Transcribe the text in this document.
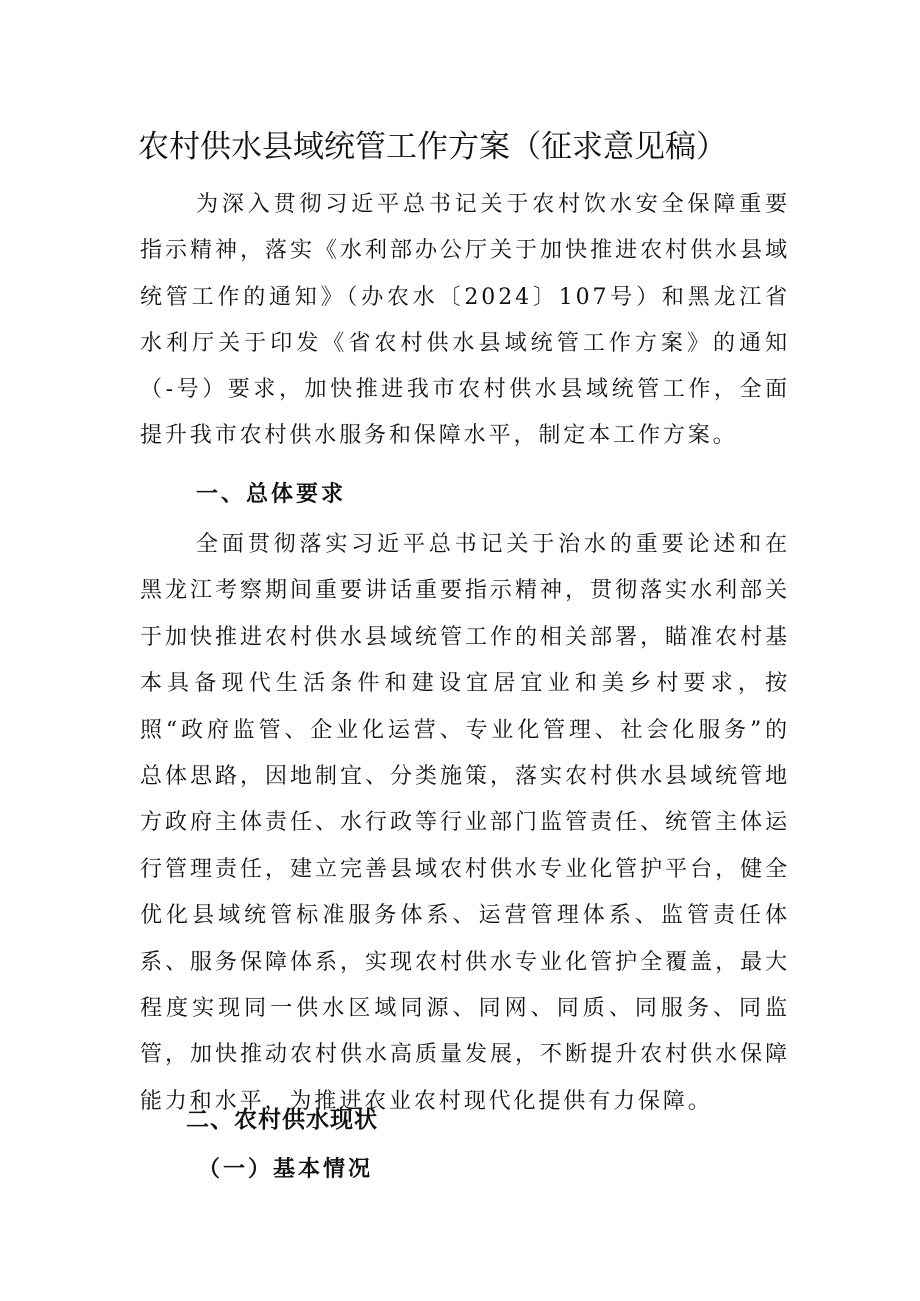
农村供水县域统管工作方案（征求意见稿）

为深入贯彻习近平总书记关于农村饮水安全保障重要指示精神，落实《水利部办公厅关于加快推进农村供水县域统管工作的通知》（办农水〔2024〕107号）和黑龙江省水利厅关于印发《省农村供水县域统管工作方案》的通知（-号）要求，加快推进我市农村供水县域统管工作，全面提升我市农村供水服务和保障水平，制定本工作方案。

一、总体要求

全面贯彻落实习近平总书记关于治水的重要论述和在黑龙江考察期间重要讲话重要指示精神，贯彻落实水利部关于加快推进农村供水县域统管工作的相关部署，瞄准农村基本具备现代生活条件和建设宜居宜业和美乡村要求，按照“政府监管、企业化运营、专业化管理、社会化服务”的总体思路，因地制宜、分类施策，落实农村供水县域统管地方政府主体责任、水行政等行业部门监管责任、统管主体运行管理责任，建立完善县域农村供水专业化管护平台，健全优化县域统管标准服务体系、运营管理体系、监管责任体系、服务保障体系，实现农村供水专业化管护全覆盖，最大程度实现同一供水区域同源、同网、同质、同服务、同监管，加快推动农村供水高质量发展，不断提升农村供水保障能力和水平，为推进农业农村现代化提供有力保障。

二、农村供水现状
（一）基本情况
